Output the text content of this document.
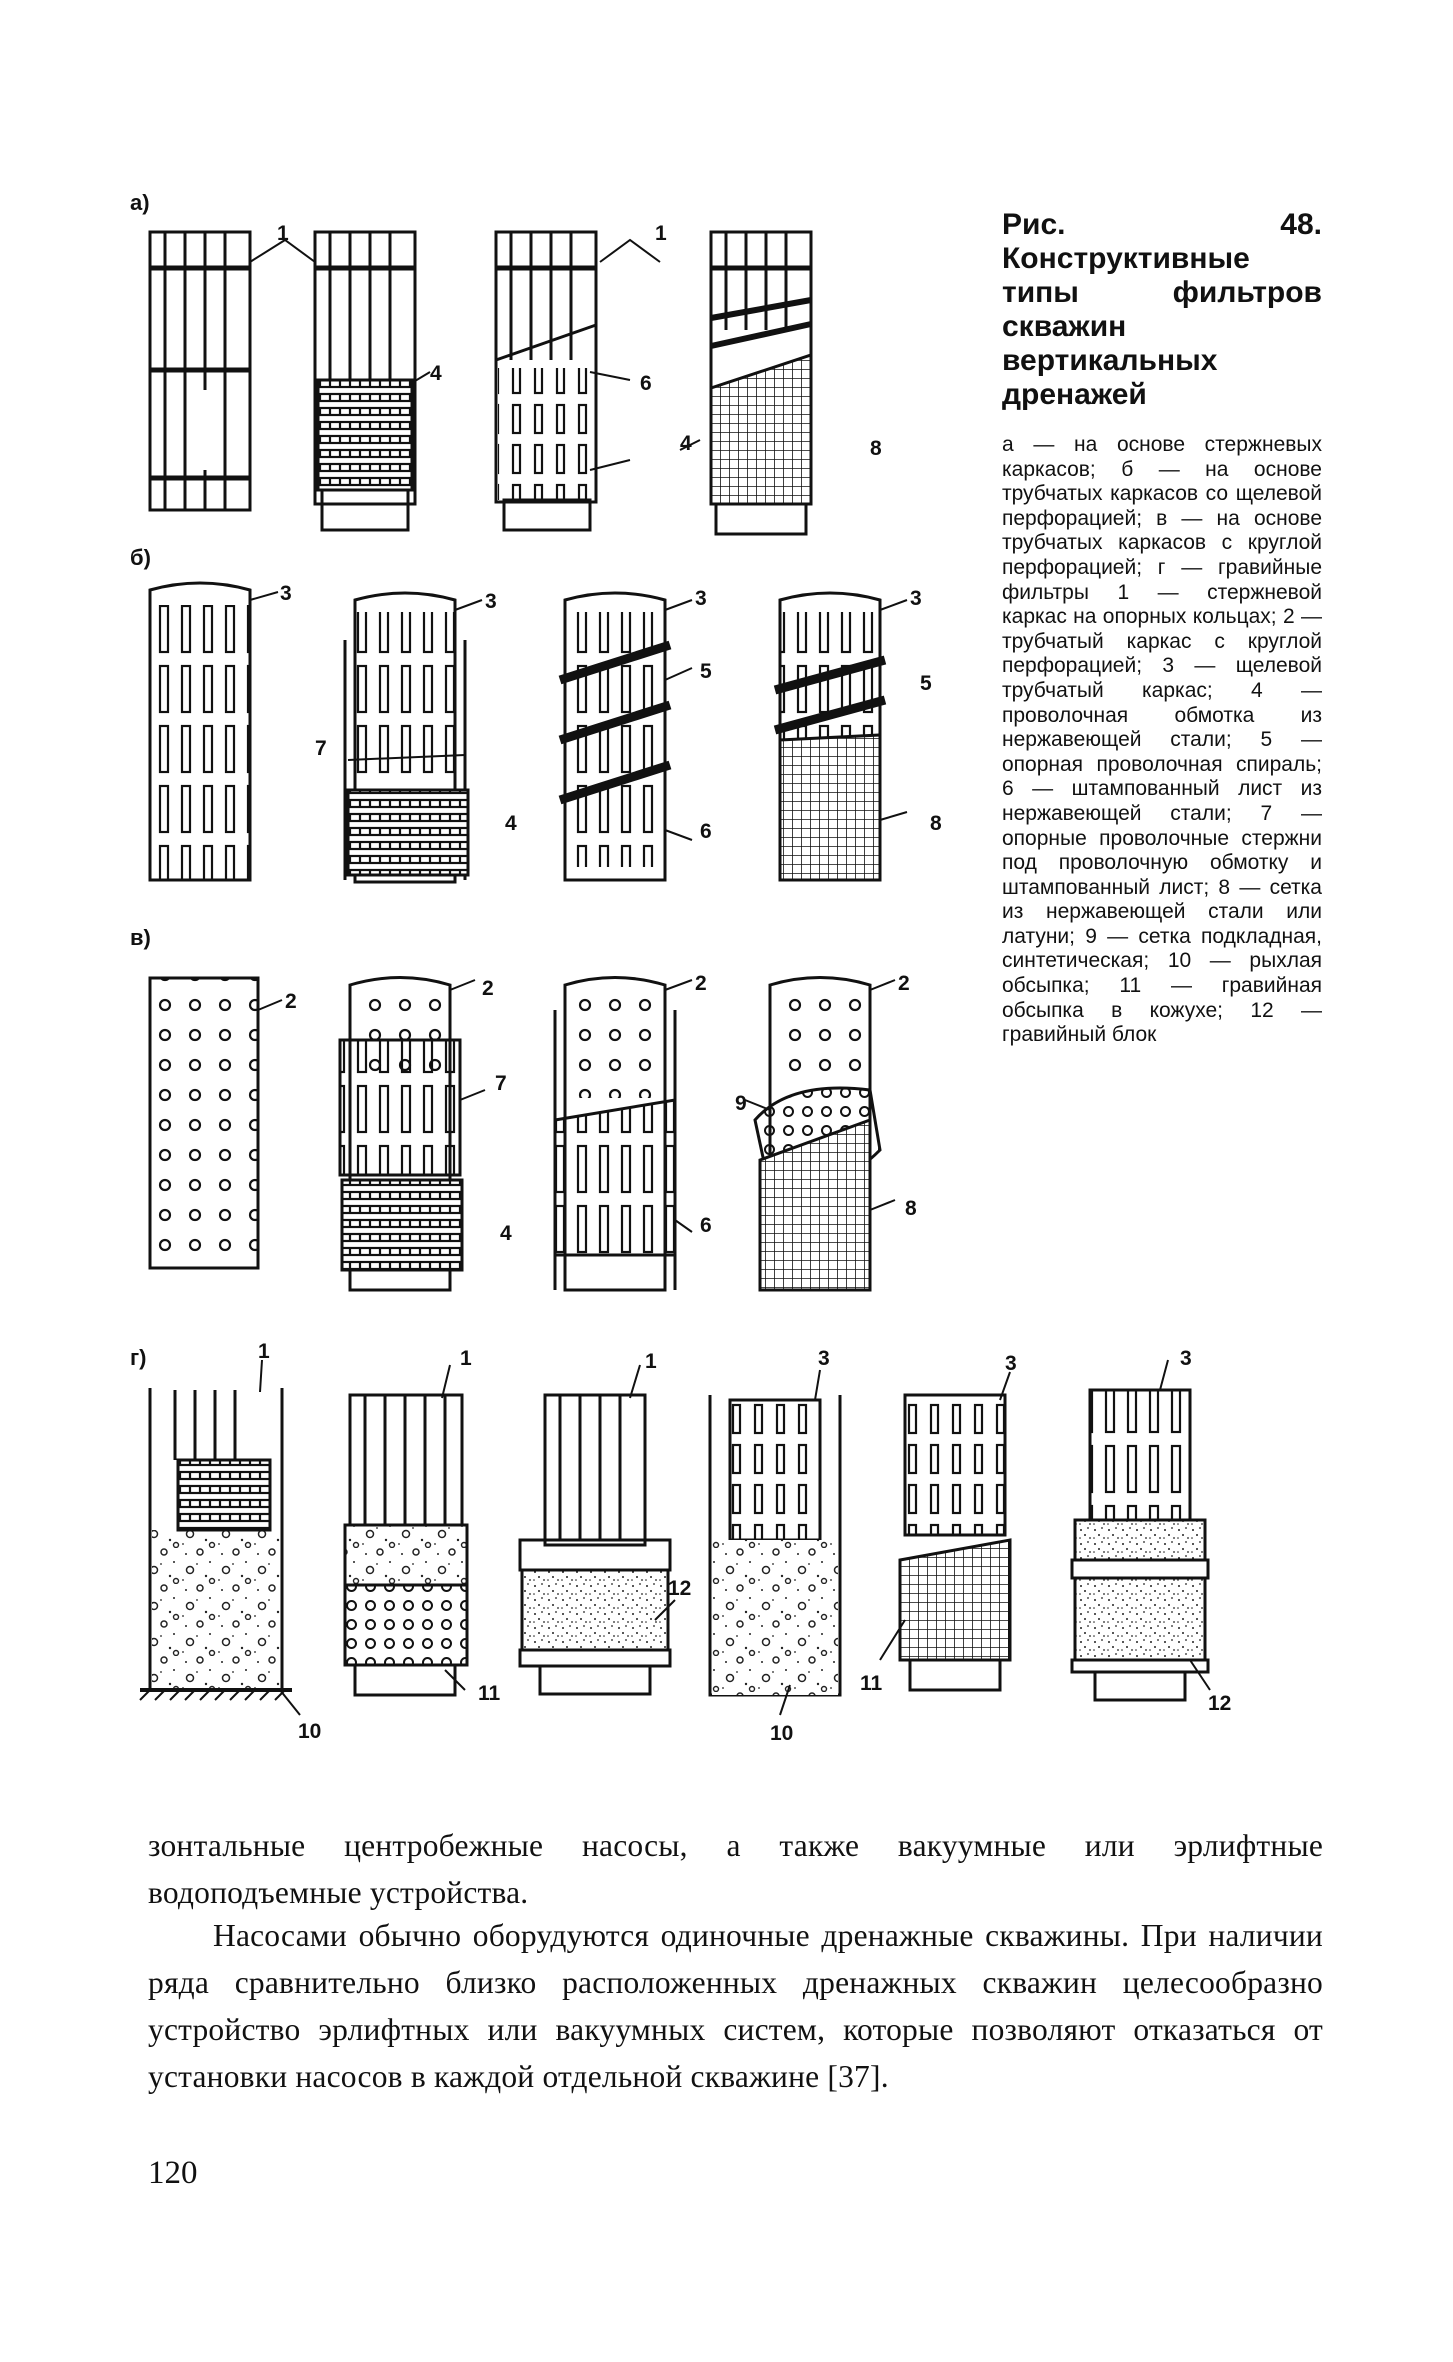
а)
б)
в)
г)
1	1
4	6
4	8
3	3	3	3
7
4
5
5
6	8
2
2	2	2
7
9
4	6
8
1	1	1	3	3	3
10
11
12
10
11
12

Рис. 48. Конструктивные типы фильтров скважин вертикальных дренажей

а — на основе стержневых каркасов; б — на основе трубчатых каркасов со щелевой перфорацией; в — на основе трубчатых каркасов с круглой перфорацией; г — гравийные фильтры 1 — стержневой каркас на опорных кольцах; 2 — трубчатый каркас с круглой перфорацией; 3 — щелевой трубчатый каркас; 4 — проволочная обмотка из нержавеющей стали; 5 — опорная проволочная спираль; 6 — штампованный лист из нержавеющей стали; 7 — опорные проволочные стержни под проволочную обмотку и штампованный лист; 8 — сетка из нержавеющей стали или латуни; 9 — сетка подкладная, синтетическая; 10 — рыхлая обсыпка; 11 — гравийная обсыпка в кожухе; 12 — гравийный блок

зонтальные центробежные насосы, а также вакуумные или эрлифтные водоподъемные устройства.

Насосами обычно оборудуются одиночные дренажные скважины. При наличии ряда сравнительно близко расположенных дренажных скважин целесообразно устройство эрлифтных или вакуумных систем, которые позволяют отказаться от установки насосов в каждой отдельной скважине [37].

120
